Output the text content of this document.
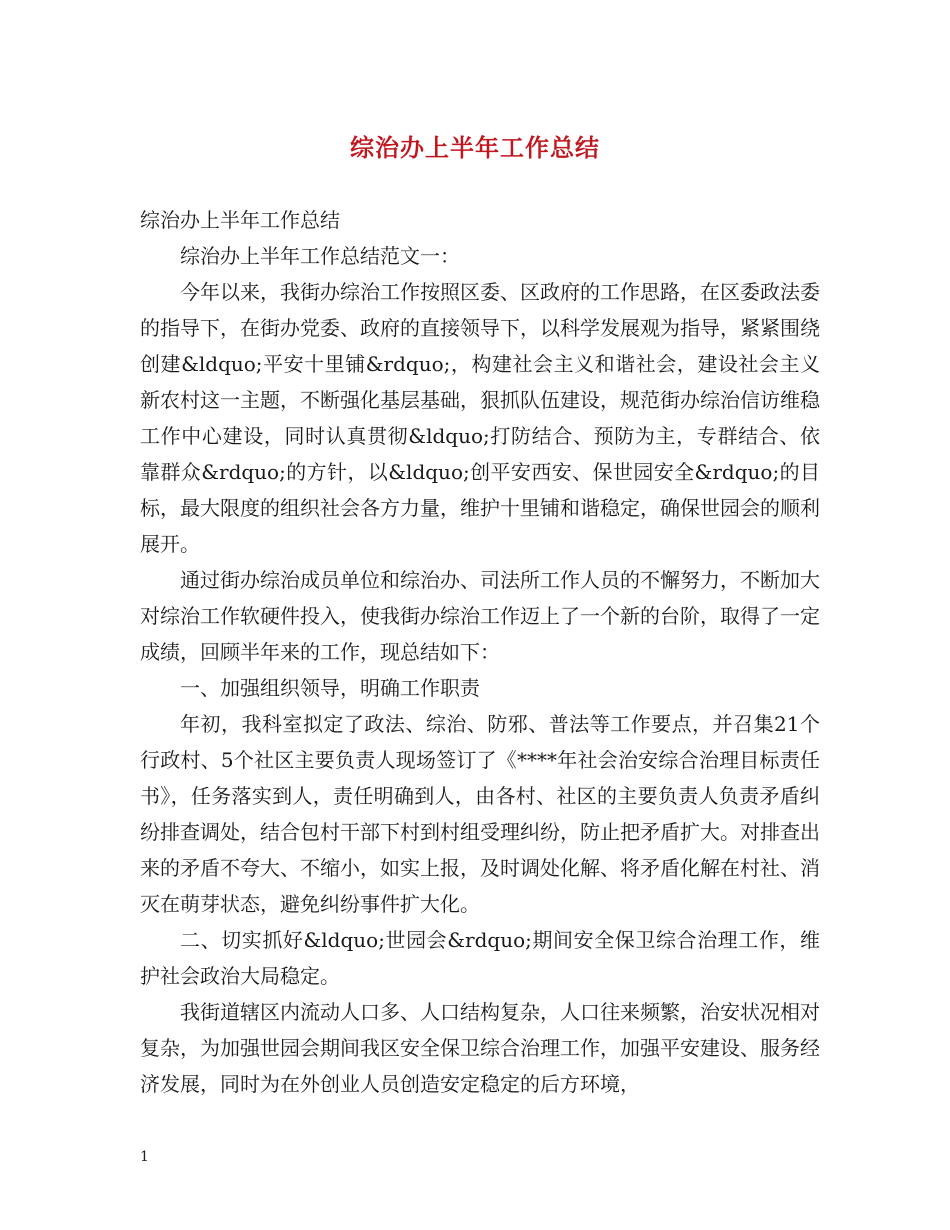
综治办上半年工作总结

综治办上半年工作总结

综治办上半年工作总结范文一：

今年以来，我街办综治工作按照区委、区政府的工作思路，在区委政法委的指导下，在街办党委、政府的直接领导下，以科学发展观为指导，紧紧围绕创建&ldquo;平安十里铺&rdquo;，构建社会主义和谐社会，建设社会主义新农村这一主题，不断强化基层基础，狠抓队伍建设，规范街办综治信访维稳工作中心建设，同时认真贯彻&ldquo;打防结合、预防为主，专群结合、依靠群众&rdquo;的方针，以&ldquo;创平安西安、保世园安全&rdquo;的目标，最大限度的组织社会各方力量，维护十里铺和谐稳定，确保世园会的顺利展开。

通过街办综治成员单位和综治办、司法所工作人员的不懈努力，不断加大对综治工作软硬件投入，使我街办综治工作迈上了一个新的台阶，取得了一定成绩，回顾半年来的工作，现总结如下：

一、加强组织领导，明确工作职责

年初，我科室拟定了政法、综治、防邪、普法等工作要点，并召集21个行政村、5个社区主要负责人现场签订了《****年社会治安综合治理目标责任书》，任务落实到人，责任明确到人，由各村、社区的主要负责人负责矛盾纠纷排查调处，结合包村干部下村到村组受理纠纷，防止把矛盾扩大。对排查出来的矛盾不夸大、不缩小，如实上报，及时调处化解、将矛盾化解在村社、消灭在萌芽状态，避免纠纷事件扩大化。

二、切实抓好&ldquo;世园会&rdquo;期间安全保卫综合治理工作，维护社会政治大局稳定。

我街道辖区内流动人口多、人口结构复杂，人口往来频繁，治安状况相对复杂，为加强世园会期间我区安全保卫综合治理工作，加强平安建设、服务经济发展，同时为在外创业人员创造安定稳定的后方环境，

1
